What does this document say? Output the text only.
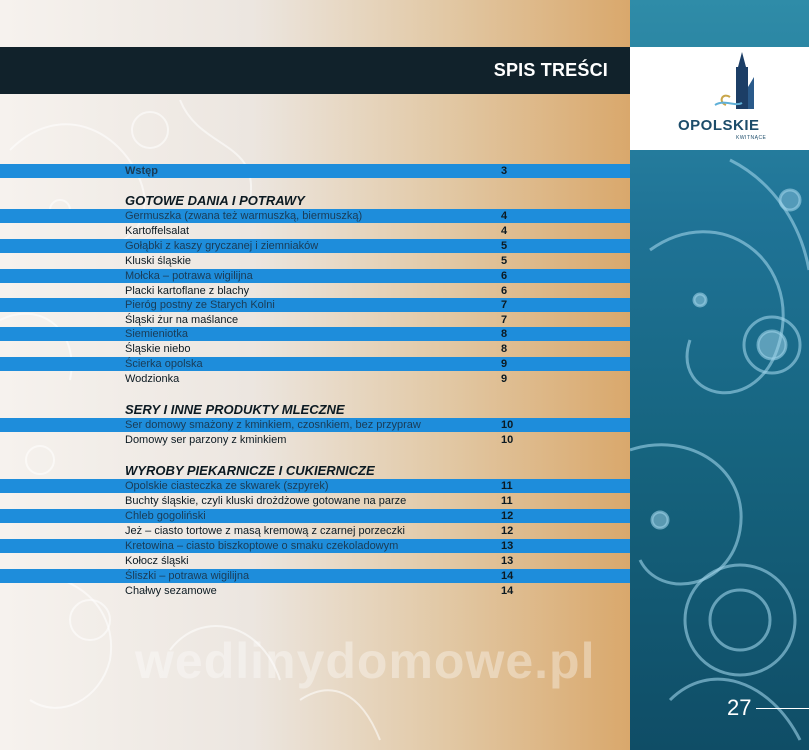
SPIS TREŚCI
OPOLSKIE
KWITNĄCE
Wstęp	3
GOTOWE DANIA I POTRAWY
Germuszka (zwana też warmuszką, biermuszką)	4
Kartoffelsalat	4
Gołąbki z kaszy gryczanej i ziemniaków	5
Kluski śląskie	5
Mołcka – potrawa wigilijna	6
Placki kartoflane z blachy	6
Pieróg postny ze Starych Kolni	7
Śląski żur na maślance	7
Siemieniotka	8
Śląskie niebo	8
Ścierka opolska	9
Wodzionka	9
SERY I INNE PRODUKTY MLECZNE
Ser domowy smażony z kminkiem, czosnkiem, bez przypraw	10
Domowy ser parzony z kminkiem	10
WYROBY PIEKARNICZE I CUKIERNICZE
Opolskie ciasteczka ze skwarek (szpyrek)	11
Buchty śląskie, czyli kluski drożdżowe gotowane na parze	11
Chleb gogoliński	12
Jeż – ciasto tortowe z masą kremową z czarnej porzeczki	12
Kretowina – ciasto biszkoptowe o smaku czekoladowym	13
Kołocz śląski	13
Śliszki – potrawa wigilijna	14
Chałwy sezamowe	14
wedlinydomowe.pl
27
